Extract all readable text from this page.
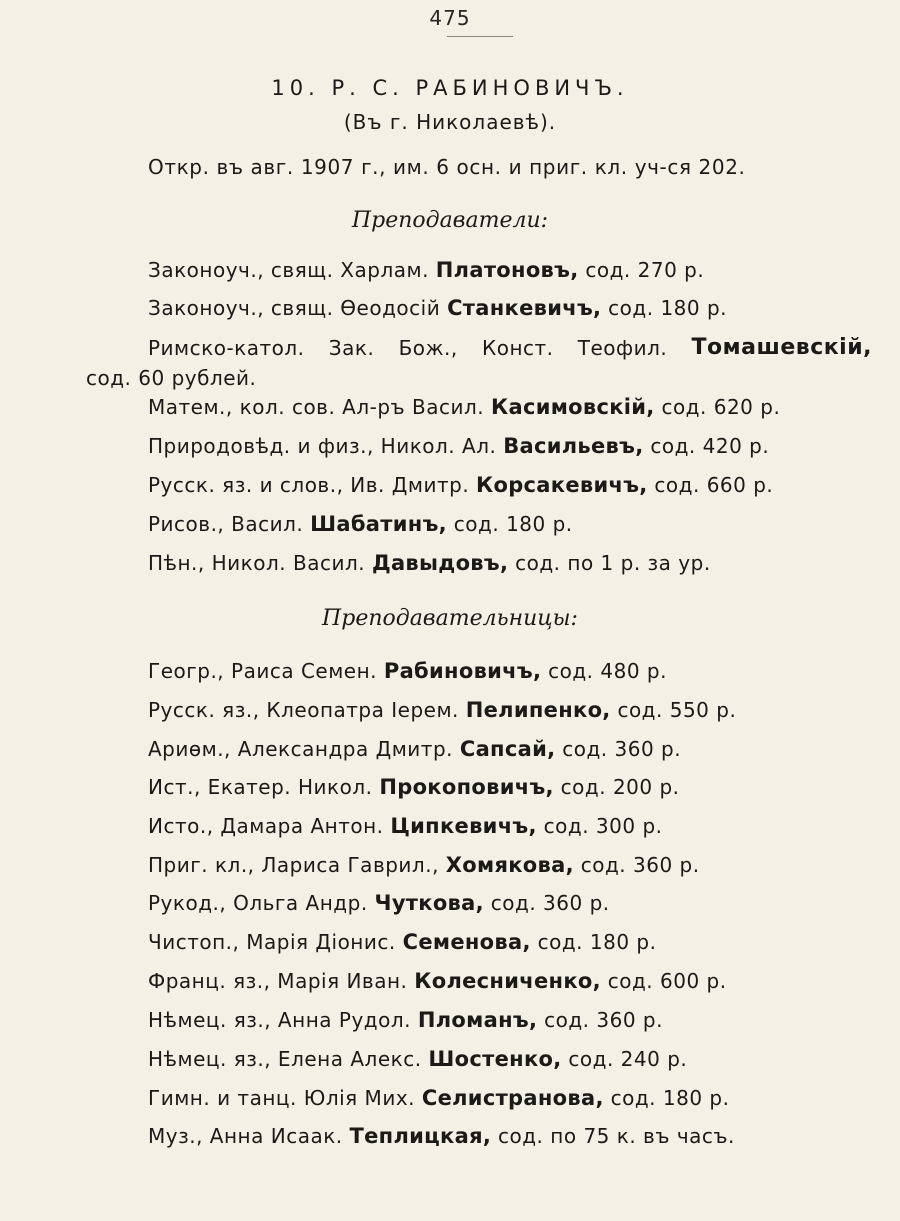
475
10. Р. С. РАБИНОВИЧЪ.
(Въ г. Николаевѣ).
Откр. въ авг. 1907 г., им. 6 осн. и приг. кл. уч-ся 202.
Преподаватели:
Законоуч., свящ. Харлам. Платоновъ, сод. 270 р.
Законоуч., свящ. Өеодосій Станкевичъ, сод. 180 р.
Римско-катол. Зак. Бож., Конст. Теофил. Томашевскій,
сод. 60 рублей.
Матем., кол. сов. Ал-ръ Васил. Касимовскій, сод. 620 р.
Природовѣд. и физ., Никол. Ал. Васильевъ, сод. 420 р.
Русск. яз. и слов., Ив. Дмитр. Корсакевичъ, сод. 660 р.
Рисов., Васил. Шабатинъ, сод. 180 р.
Пѣн., Никол. Васил. Давыдовъ, сод. по 1 р. за ур.
Преподавательницы:
Геогр., Раиса Семен. Рабиновичъ, сод. 480 р.
Русск. яз., Клеопатра Іерем. Пелипенко, сод. 550 р.
Ариѳм., Александра Дмитр. Сапсай, сод. 360 р.
Ист., Екатер. Никол. Прокоповичъ, сод. 200 р.
Исто., Дамара Антон. Ципкевичъ, сод. 300 р.
Приг. кл., Лариса Гаврил., Хомякова, сод. 360 р.
Рукод., Ольга Андр. Чуткова, сод. 360 р.
Чистоп., Марія Діонис. Семенова, сод. 180 р.
Франц. яз., Марія Иван. Колесниченко, сод. 600 р.
Нѣмец. яз., Анна Рудол. Пломанъ, сод. 360 р.
Нѣмец. яз., Елена Алекс. Шостенко, сод. 240 р.
Гимн. и танц. Юлія Мих. Селистранова, сод. 180 р.
Муз., Анна Исаак. Теплицкая, сод. по 75 к. въ часъ.
